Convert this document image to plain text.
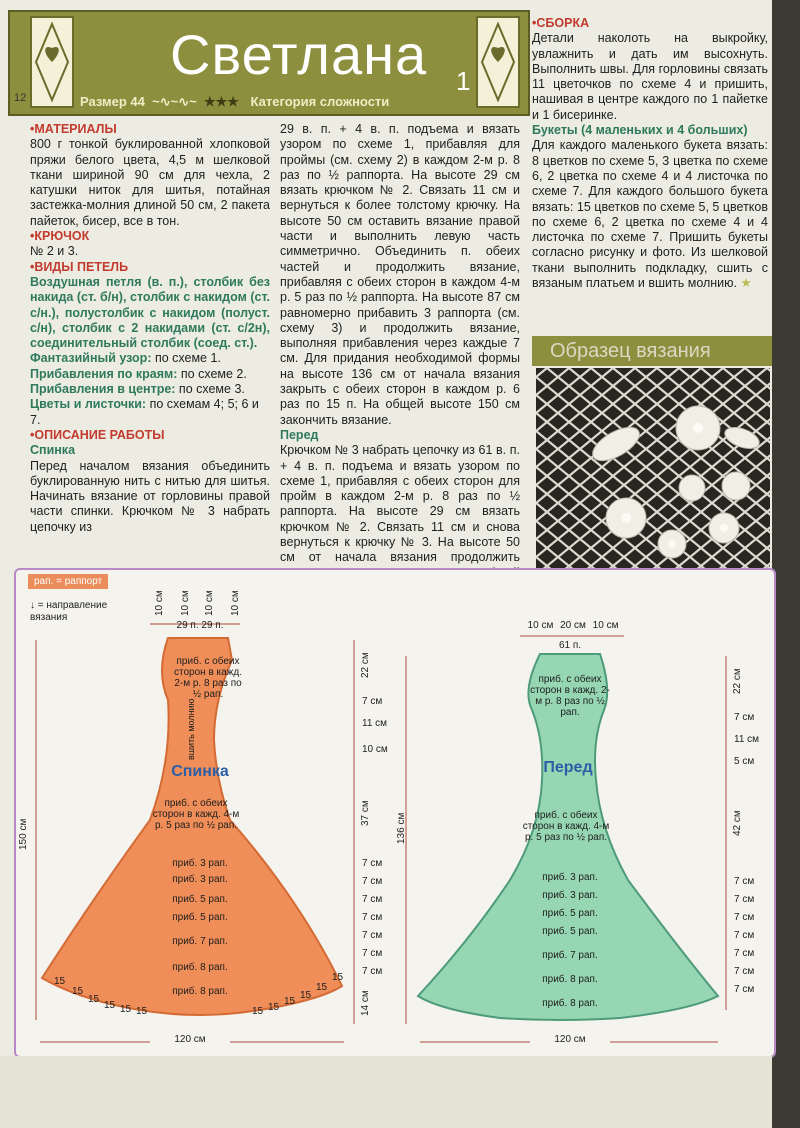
Светлана 1
12	Размер 44  ~∿~∿~  ★★★ Категория сложности

•МАТЕРИАЛЫ

800 г тонкой буклированной хлопковой пряжи белого цвета, 4,5 м шелковой ткани шириной 90 см для чехла, 2 катушки ниток для шитья, потайная застежка-молния длиной 50 см, 2 пакета пайеток, бисер, все в тон.

•КРЮЧОК

№ 2 и 3.

•ВИДЫ ПЕТЕЛЬ

Воздушная петля (в. п.), столбик без накида (ст. б/н), столбик с накидом (ст. с/н.), полустолбик с накидом (полуст. с/н), столбик с 2 накидами (ст. с/2н), соединительный столбик (соед. ст.).

Фантазийный узор: по схеме 1.

Прибавления по краям: по схеме 2.

Прибавления в центре: по схеме 3.

Цветы и листочки: по схемам 4; 5; 6 и 7.

•ОПИСАНИЕ РАБОТЫ

Спинка

Перед началом вязания объединить буклированную нить с нитью для шитья. Начинать вязание от горловины правой части спинки. Крючком № 3 набрать цепочку из

29 в. п. + 4 в. п. подъема и вязать узором по схеме 1, прибавляя для проймы (см. схему 2) в каждом 2-м р. 8 раз по ½ раппорта. На высоте 29 см вязать крючком № 2. Связать 11 см и вернуться к более толстому крючку. На высоте 50 см оставить вязание правой части и выполнить левую часть симметрично. Объединить п. обеих частей и продолжить вязание, прибавляя с обеих сторон в каждом 4-м р. 5 раз по ½ раппорта. На высоте 87 см равномерно прибавить 3 раппорта (см. схему 3) и продолжить вязание, выполняя прибавления через каждые 7 см. Для придания необходимой формы на высоте 136 см от начала вязания закрыть с обеих сторон в каждом р. 6 раз по 15 п. На общей высоте 150 см закончить вязание.

Перед

Крючком № 3 набрать цепочку из 61 в. п. + 4 в. п. подъема и вязать узором по схеме 1, прибавляя с обеих сторон для пройм в каждом 2-м р. 8 раз по ½ раппорта. На высоте 29 см вязать крючком № 2. Связать 11 см и снова вернуться к крючку № 3. На высоте 50 см от начала вязания продолжить

•СБОРКА

Детали наколоть на выкройку, увлажнить и дать им высохнуть. Выполнить швы. Для горловины связать 11 цветочков по схеме 4 и пришить, нашивая в центре каждого по 1 пайетке и 1 бисеринке.

Букеты (4 маленьких и 4 больших)

Для каждого маленького букета вязать: 8 цветков по схеме 5, 3 цветка по схеме 6, 2 цветка по схеме 4 и 4 листочка по схеме 7. Для каждого большого букета вязать: 15 цветков по схеме 5, 5 цветков по схеме 6, 2 цветка по схеме 4 и 4 листочка по схеме 7. Пришить букеты согласно рисунку и фото. Из шелковой ткани выполнить подкладку, сшить с вязаным платьем и вшить молнию. ★

Образец вязания
рап. = раппорт
↓ = направление вязания
10 см 10 см 10 см 10 см
29 п. 29 п.
приб. с обеих сторон в кажд. 2-м р. 8 раз по ½ рап.
вшить молнию
Спинка
приб. с обеих сторон в кажд. 4-м р. 5 раз по ½ рап.
приб. 3 рап.
приб. 3 рап.
приб. 5 рап.
приб. 5 рап.
приб. 7 рап.
приб. 8 рап.
приб. 8 рап.
150 см
120 см
15
15
15
15 15 15	15 15
15
15
15
15
22 см
7 см
11 см
10 см
37 см
7 см
7 см
7 см
7 см
7 см
7 см
7 см
14 см
10 см 20 см 10 см
61 п.
приб. с обеих сторон в кажд. 2-м р. 8 раз по ½ рап.
Перед
приб. с обеих сторон в кажд. 4-м р. 5 раз по ½ рап.
приб. 3 рап.
приб. 3 рап.
приб. 5 рап.
приб. 5 рап.
приб. 7 рап.
приб. 8 рап.
приб. 8 рап.
136 см
120 см
22 см
7 см
11 см
5 см
42 см
7 см
7 см
7 см
7 см
7 см
7 см
7 см
